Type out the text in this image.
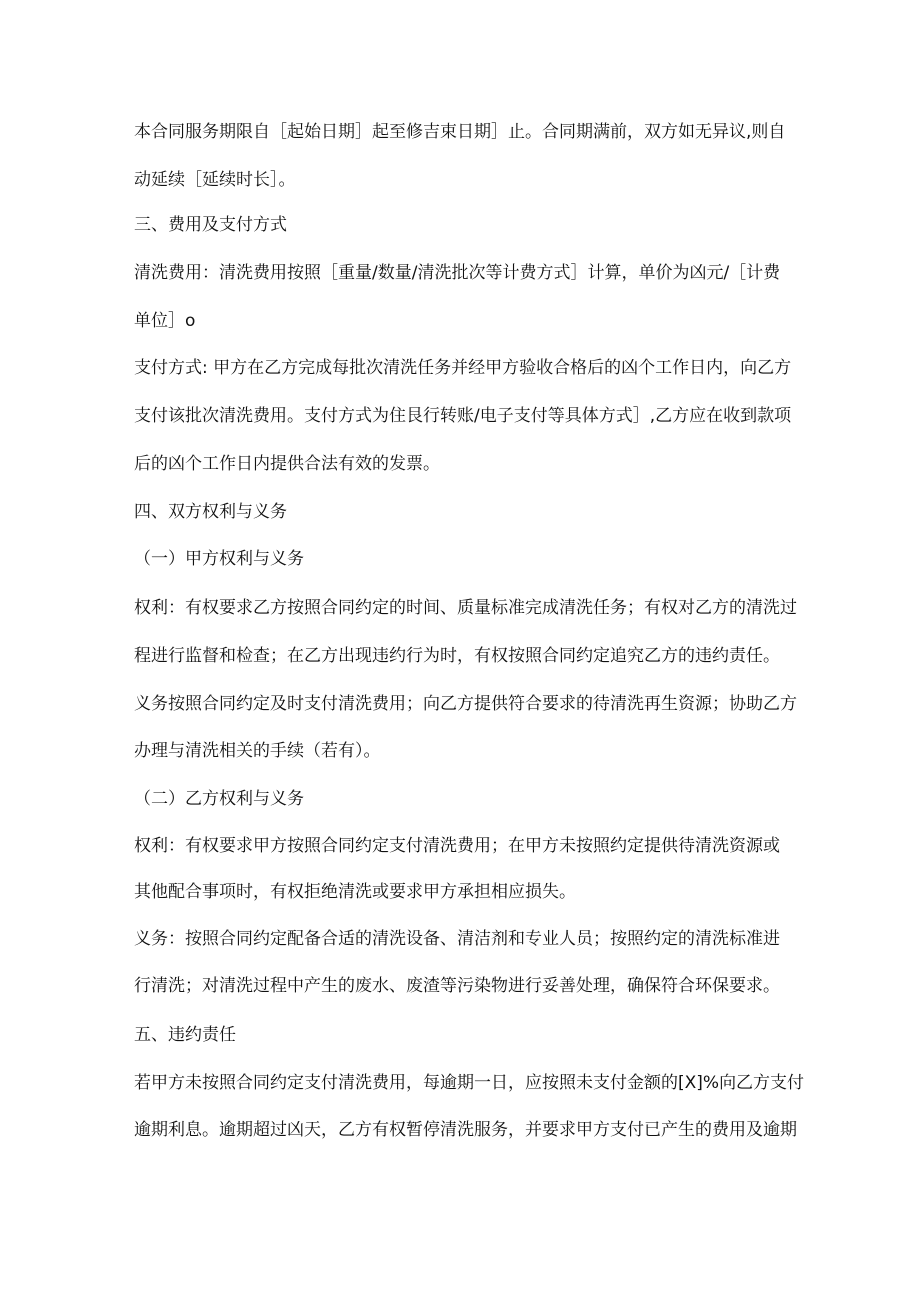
本合同服务期限自［起始日期］起至修吉束日期］止。合同期满前，双方如无异议,则自
动延续［延续时长］。
三、费用及支付方式
清洗费用：清洗费用按照［重量/数量/清洗批次等计费方式］计算，单价为凶元/［计费
单位］o
支付方式: 甲方在乙方完成每批次清洗任务并经甲方验收合格后的凶个工作日内，向乙方
支付该批次清洗费用。支付方式为住艮行转账/电子支付等具体方式］,乙方应在收到款项
后的凶个工作日内提供合法有效的发票。
四、双方权利与义务
（一）甲方权利与义务
权利：有权要求乙方按照合同约定的时间、质量标准完成清洗任务；有权对乙方的清洗过
程进行监督和检查；在乙方出现违约行为时，有权按照合同约定追究乙方的违约责任。
义务按照合同约定及时支付清洗费用；向乙方提供符合要求的待清洗再生资源；协助乙方
办理与清洗相关的手续（若有）。
（二）乙方权利与义务
权利：有权要求甲方按照合同约定支付清洗费用；在甲方未按照约定提供待清洗资源或
其他配合事项时，有权拒绝清洗或要求甲方承担相应损失。
义务：按照合同约定配备合适的清洗设备、清洁剂和专业人员；按照约定的清洗标准进
行清洗；对清洗过程中产生的废水、废渣等污染物进行妥善处理，确保符合环保要求。
五、违约责任
若甲方未按照合同约定支付清洗费用，每逾期一日，应按照未支付金额的[X]%向乙方支付
逾期利息。逾期超过凶天，乙方有权暂停清洗服务，并要求甲方支付已产生的费用及逾期
